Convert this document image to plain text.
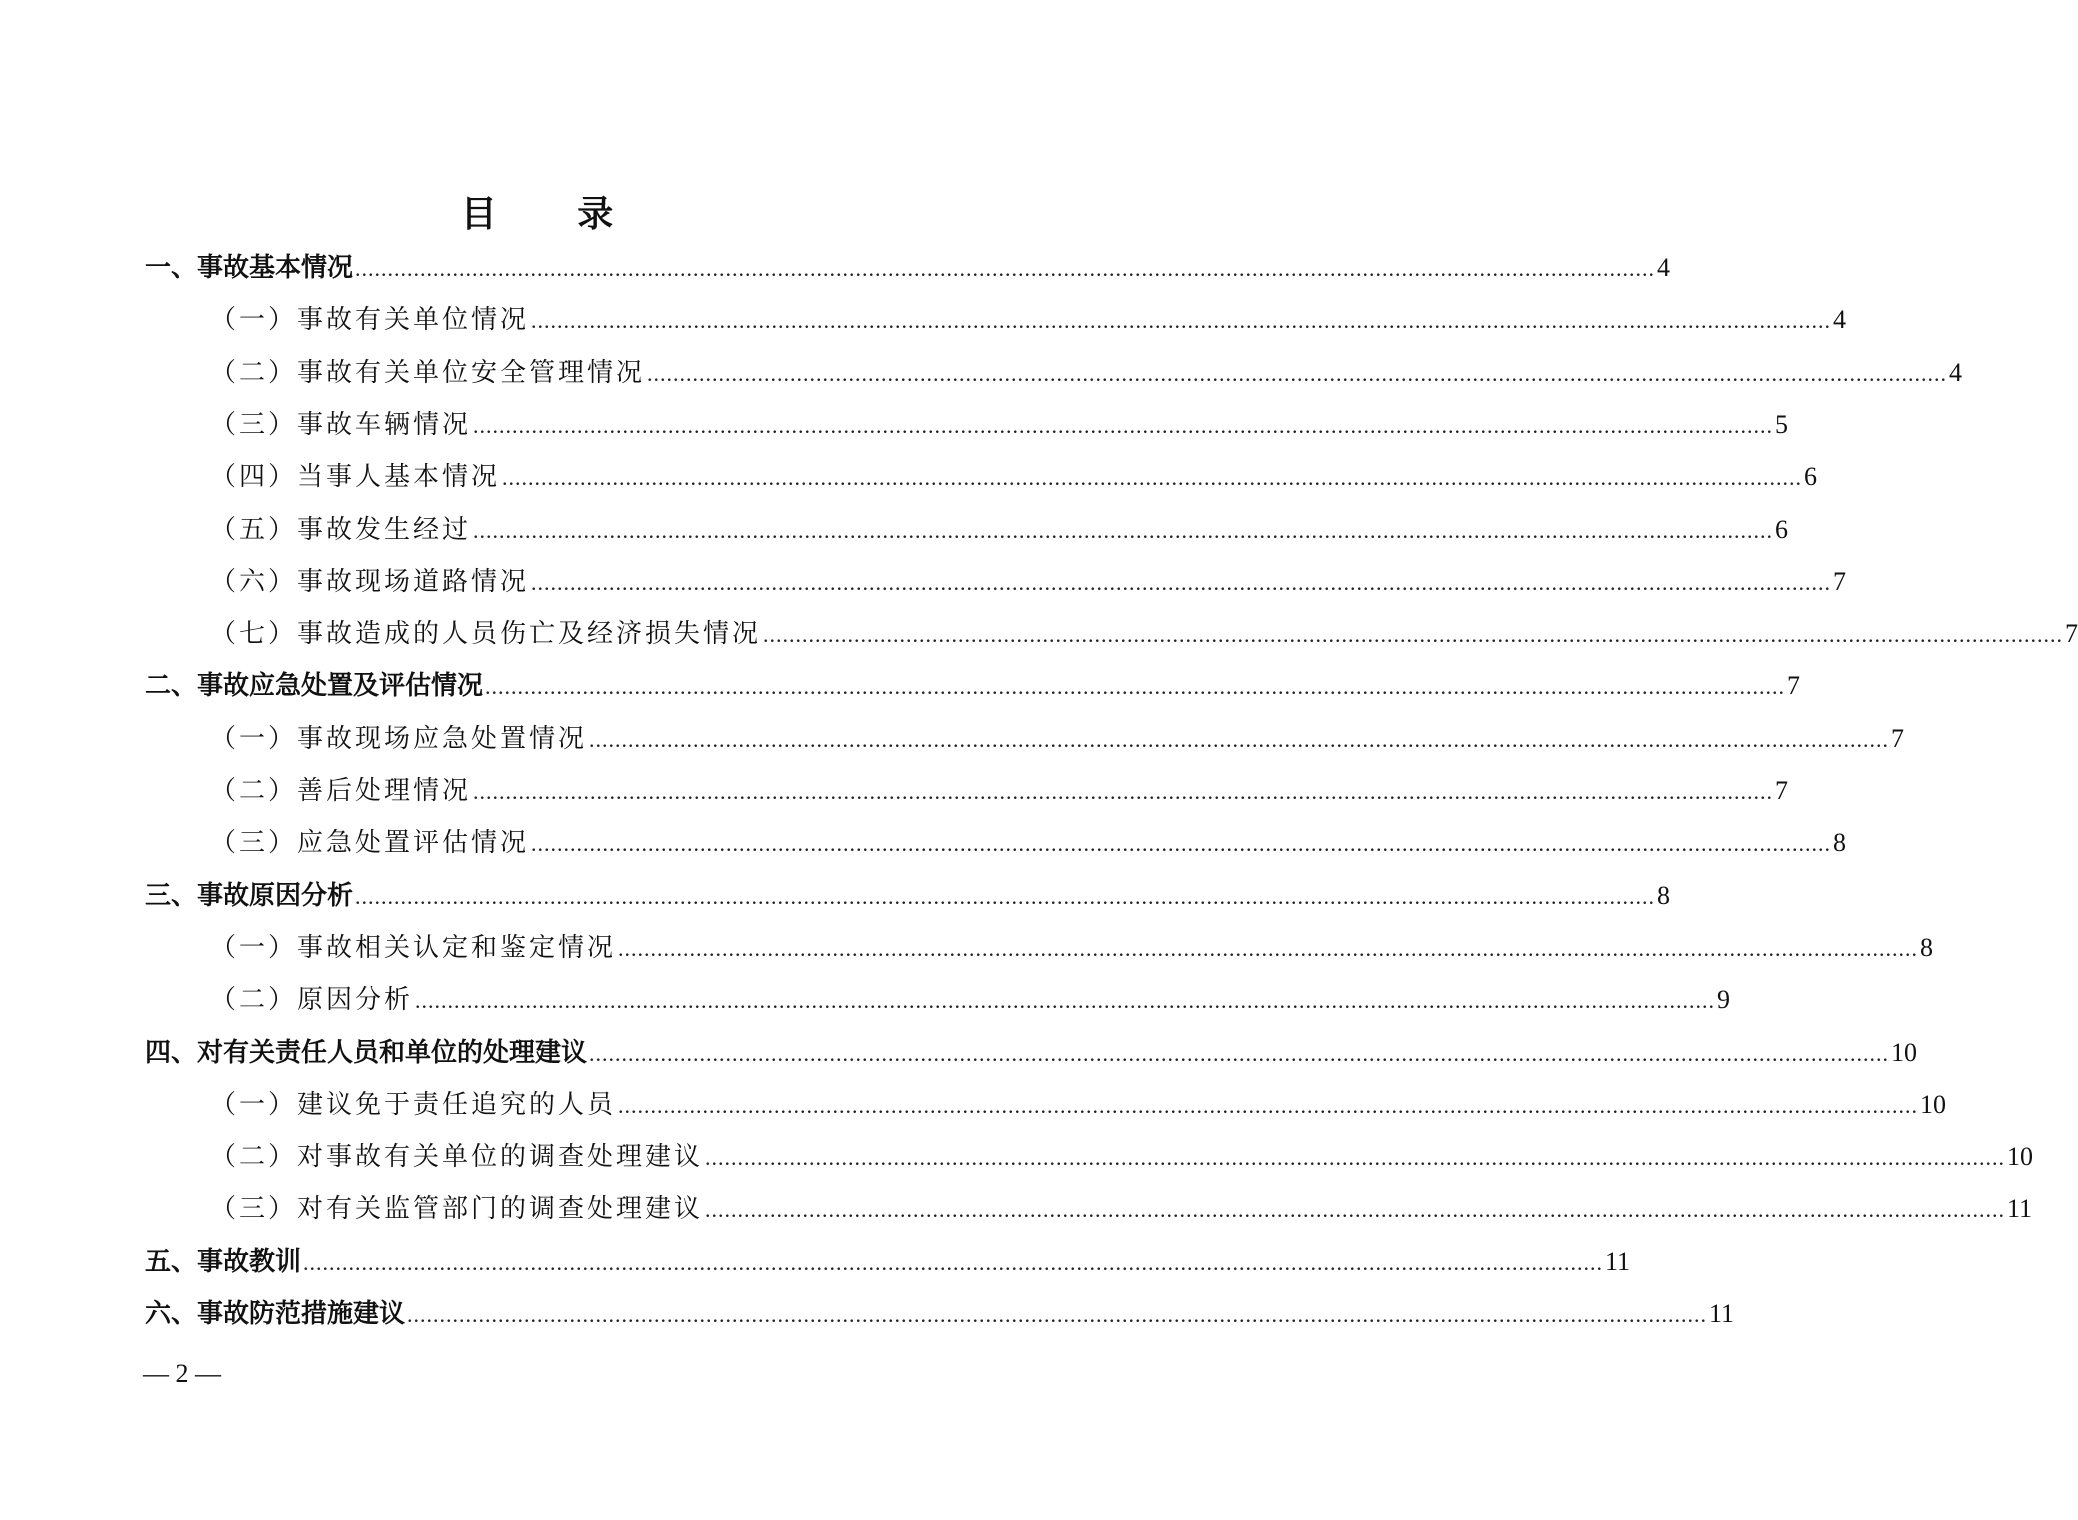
目 录
一、事故基本情况 ........................................................................................................................................................................................................ 4
（一）事故有关单位情况 ........................................................................................................................................................................................................ 4
（二）事故有关单位安全管理情况 ........................................................................................................................................................................................................ 4
（三）事故车辆情况 ........................................................................................................................................................................................................ 5
（四）当事人基本情况 ........................................................................................................................................................................................................ 6
（五）事故发生经过 ........................................................................................................................................................................................................ 6
（六）事故现场道路情况 ........................................................................................................................................................................................................ 7
（七）事故造成的人员伤亡及经济损失情况 ........................................................................................................................................................................................................ 7
二、事故应急处置及评估情况 ........................................................................................................................................................................................................ 7
（一）事故现场应急处置情况 ........................................................................................................................................................................................................ 7
（二）善后处理情况 ........................................................................................................................................................................................................ 7
（三）应急处置评估情况 ........................................................................................................................................................................................................ 8
三、事故原因分析 ........................................................................................................................................................................................................ 8
（一）事故相关认定和鉴定情况 ........................................................................................................................................................................................................ 8
（二）原因分析 ........................................................................................................................................................................................................ 9
四、对有关责任人员和单位的处理建议 ........................................................................................................................................................................................................ 10
（一）建议免于责任追究的人员 ........................................................................................................................................................................................................ 10
（二）对事故有关单位的调查处理建议 ........................................................................................................................................................................................................ 10
（三）对有关监管部门的调查处理建议 ........................................................................................................................................................................................................ 11
五、事故教训 ........................................................................................................................................................................................................ 11
六、事故防范措施建议 ........................................................................................................................................................................................................ 11
— 2 —
